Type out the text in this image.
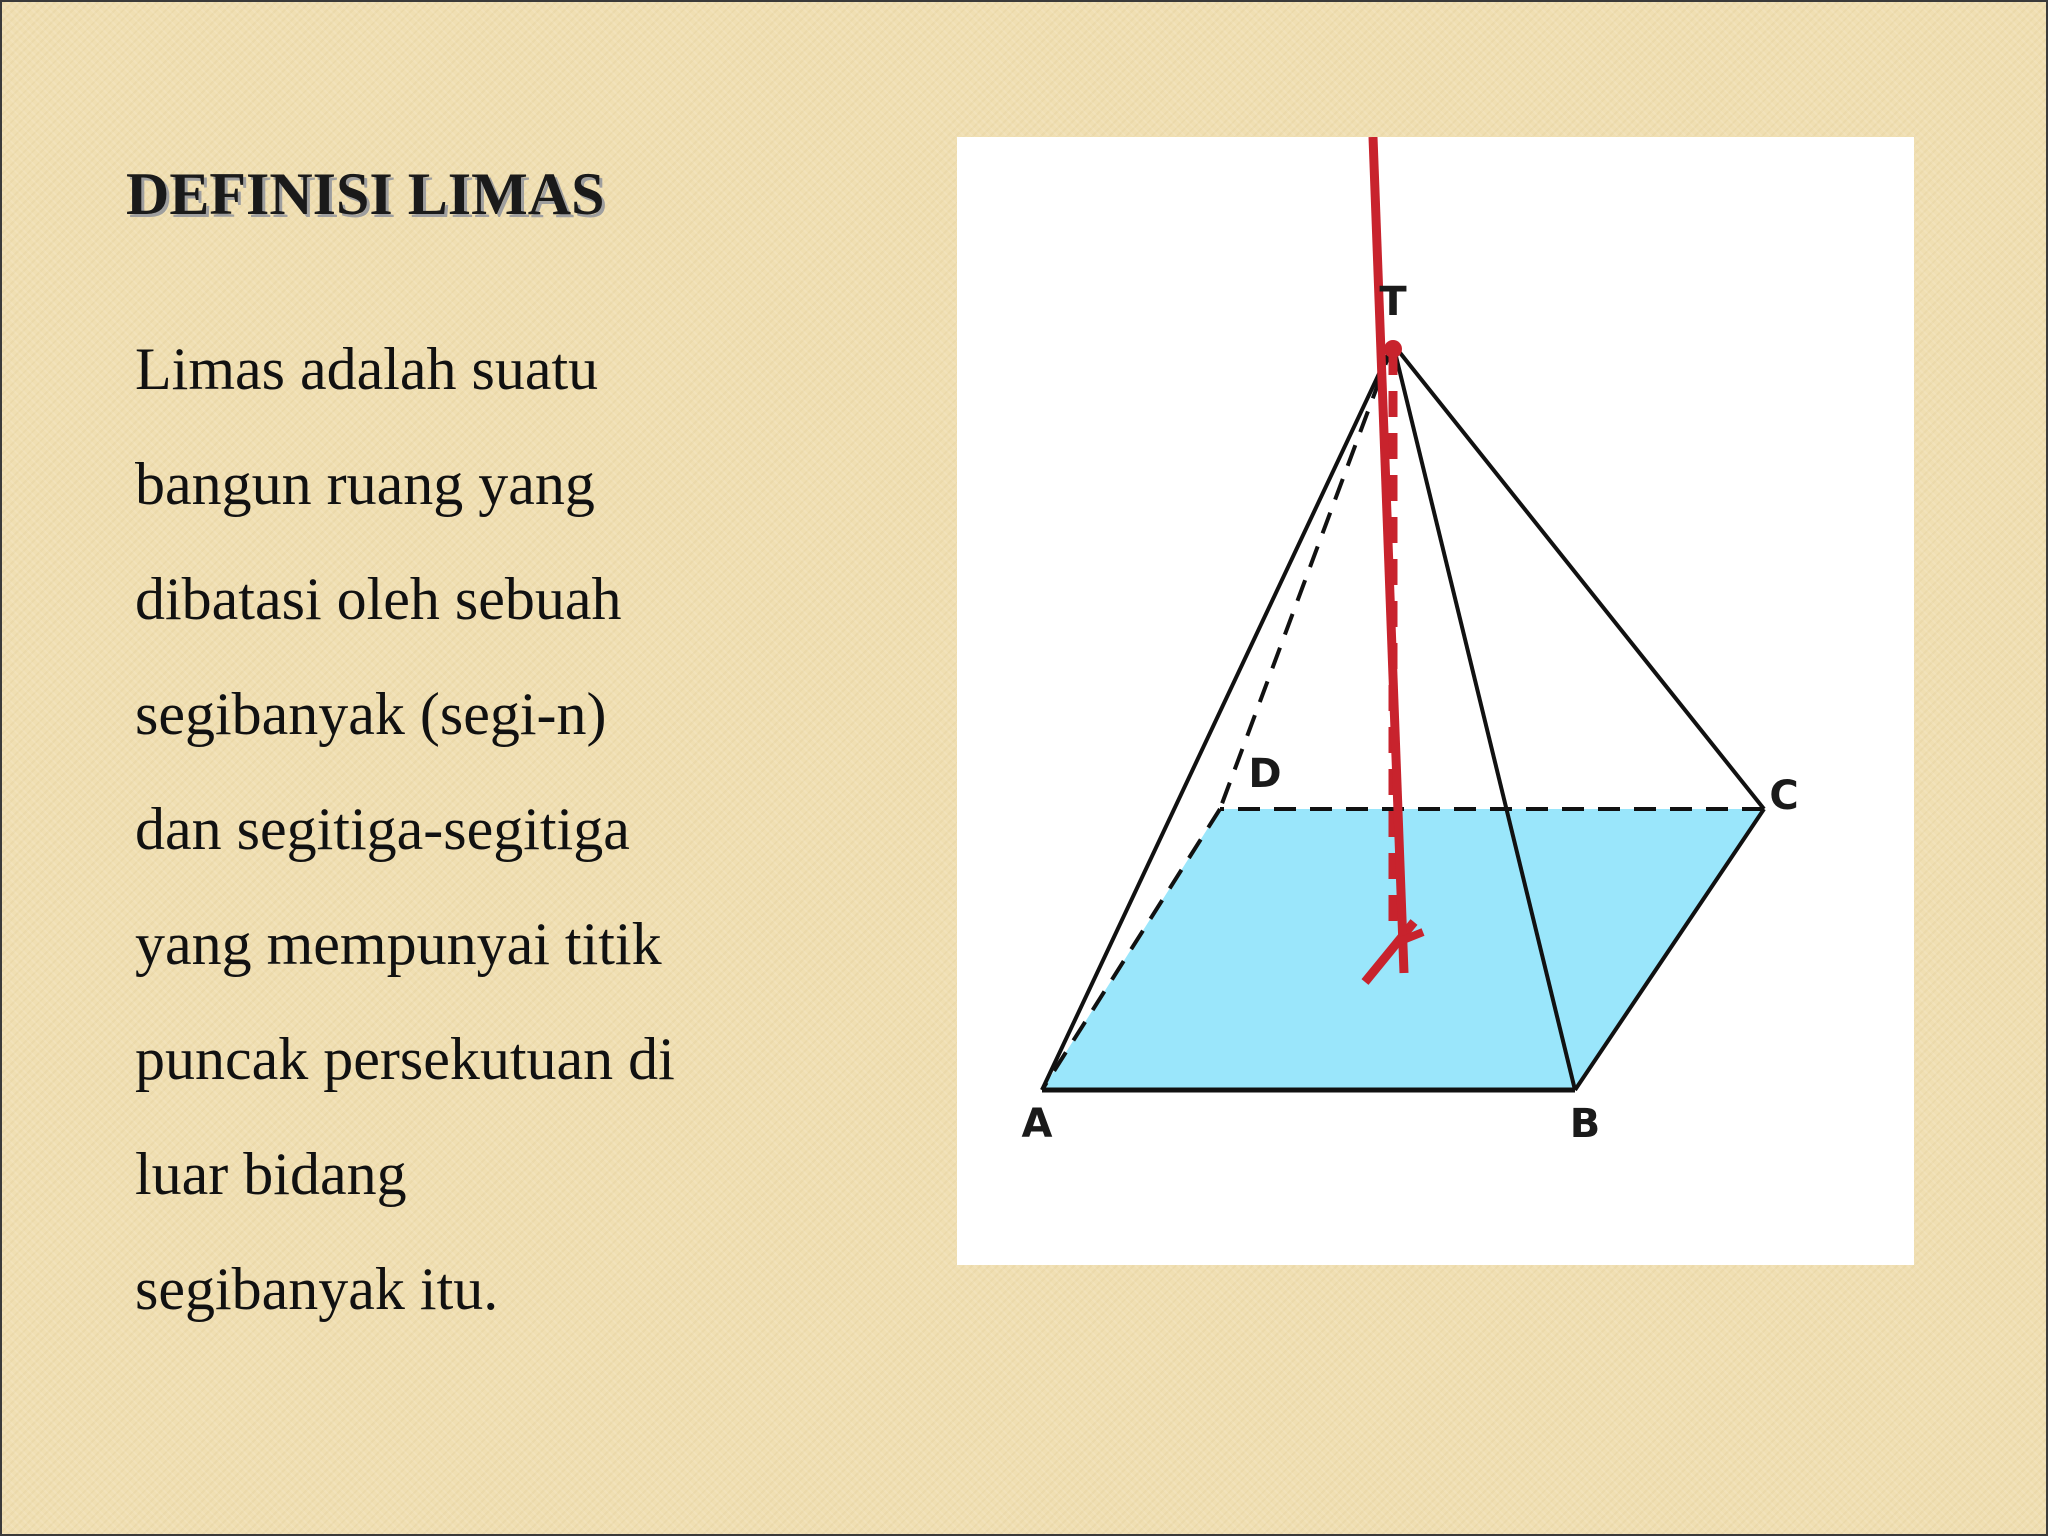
DEFINISI LIMAS

Limas adalah suatu
bangun ruang yang
dibatasi oleh sebuah
segibanyak (segi-n)
dan segitiga-segitiga
yang mempunyai titik
puncak persekutuan di
luar bidang
segibanyak itu.

T
A	B
C
D
